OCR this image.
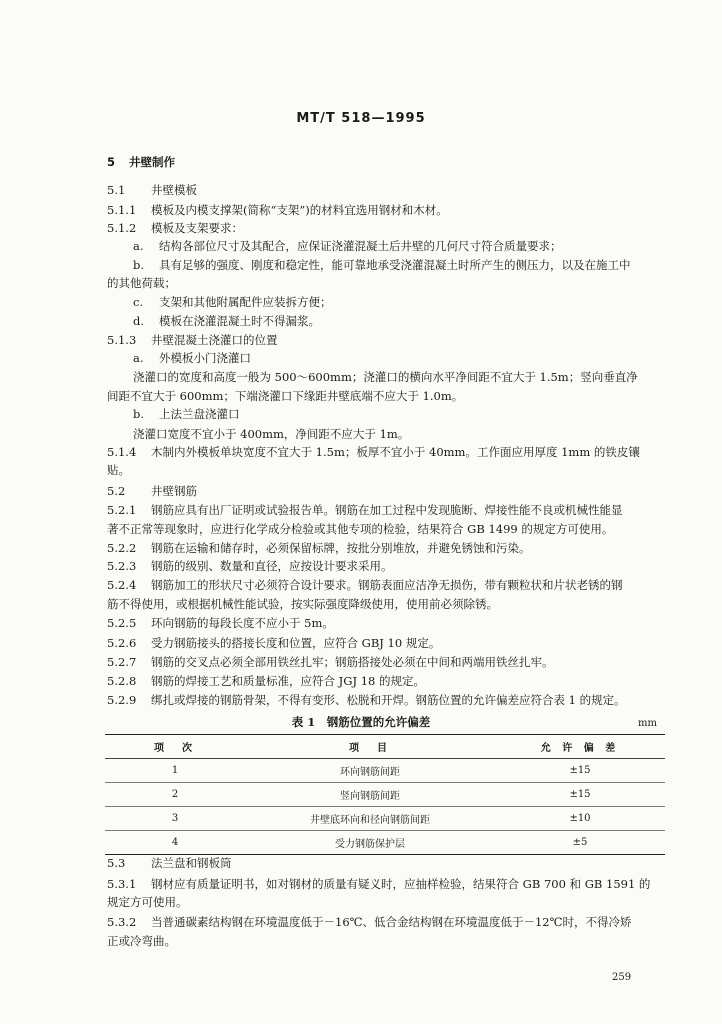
MT/T 518—1995
5 井壁制作
5.1 井壁模板
5.1.1 模板及内模支撑架(简称“支架”)的材料宜选用钢材和木材。
5.1.2 模板及支架要求：
a. 结构各部位尺寸及其配合，应保证浇灌混凝土后井壁的几何尺寸符合质量要求；
b. 具有足够的强度、刚度和稳定性，能可靠地承受浇灌混凝土时所产生的侧压力，以及在施工中
的其他荷载；
c. 支架和其他附属配件应装拆方便；
d. 模板在浇灌混凝土时不得漏浆。
5.1.3 井壁混凝土浇灌口的位置
a. 外模板小门浇灌口
浇灌口的宽度和高度一般为 500～600mm；浇灌口的横向水平净间距不宜大于 1.5m；竖向垂直净
间距不宜大于 600mm；下端浇灌口下缘距井壁底端不应大于 1.0m。
b. 上法兰盘浇灌口
浇灌口宽度不宜小于 400mm，净间距不应大于 1m。
5.1.4 木制内外模板单块宽度不宜大于 1.5m；板厚不宜小于 40mm。工作面应用厚度 1mm 的铁皮镶
贴。
5.2 井壁钢筋
5.2.1 钢筋应具有出厂证明或试验报告单。钢筋在加工过程中发现脆断、焊接性能不良或机械性能显
著不正常等现象时，应进行化学成分检验或其他专项的检验，结果符合 GB 1499 的规定方可使用。
5.2.2 钢筋在运输和储存时，必须保留标牌，按批分别堆放，并避免锈蚀和污染。
5.2.3 钢筋的级别、数量和直径，应按设计要求采用。
5.2.4 钢筋加工的形状尺寸必须符合设计要求。钢筋表面应洁净无损伤，带有颗粒状和片状老锈的钢
筋不得使用，或根据机械性能试验，按实际强度降级使用，使用前必须除锈。
5.2.5 环向钢筋的每段长度不应小于 5m。
5.2.6 受力钢筋接头的搭接长度和位置，应符合 GBJ 10 规定。
5.2.7 钢筋的交叉点必须全部用铁丝扎牢；钢筋搭接处必须在中间和两端用铁丝扎牢。
5.2.8 钢筋的焊接工艺和质量标准，应符合 JGJ 18 的规定。
5.2.9 绑扎或焊接的钢筋骨架，不得有变形、松脱和开焊。钢筋位置的允许偏差应符合表 1 的规定。
表 1　钢筋位置的允许偏差	mm
项　次	项　目	允 许 偏 差
1	环向钢筋间距	±15
2	竖向钢筋间距	±15
3	井壁底环向和径向钢筋间距	±10
4	受力钢筋保护层	±5
5.3 法兰盘和钢板筒
5.3.1 钢材应有质量证明书，如对钢材的质量有疑义时，应抽样检验，结果符合 GB 700 和 GB 1591 的
规定方可使用。
5.3.2 当普通碳素结构钢在环境温度低于－16℃、低合金结构钢在环境温度低于－12℃时，不得冷矫
正或冷弯曲。
259
